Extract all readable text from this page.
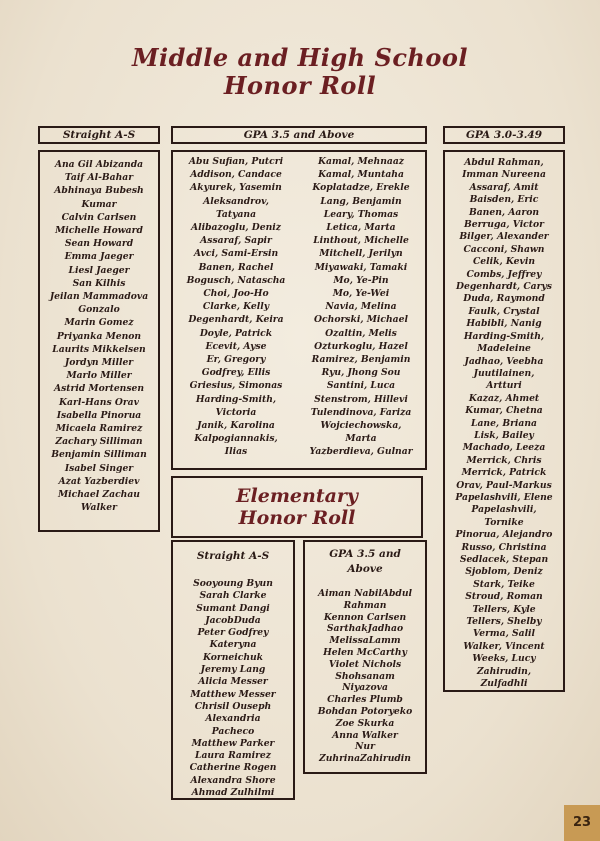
Middle and High School
Honor Roll
Straight A-S
Ana Gil Abizanda
Taif Al-Bahar
Abhinaya Bubesh
Kumar
Calvin Carlsen
Michelle Howard
Sean Howard
Emma Jaeger
Liesl Jaeger
San Kilhis
Jeilan Mammadova
Gonzalo
Marin Gomez
Priyanka Menon
Laurits Mikkelsen
Jordyn Miller
Marlo Miller
Astrid Mortensen
Karl-Hans Orav
Isabella Pinorua
Micaela Ramirez
Zachary Silliman
Benjamin Silliman
Isabel Singer
Azat Yazberdiev
Michael Zachau
Walker
GPA 3.5 and Above
Abu Sufian, Putcri
Addison, Candace
Akyurek, Yasemin
Aleksandrov,
Tatyana
Alibazoglu, Deniz
Assaraf, Sapir
Avci, Sami-Ersin
Banen, Rachel
Bogusch, Natascha
Choi, Joo-Ho
Clarke, Kelly
Degenhardt, Keira
Doyle, Patrick
Ecevit, Ayse
Er, Gregory
Godfrey, Ellis
Griesius, Simonas
Harding-Smith,
Victoria
Janik, Karolina
Kalpogiannakis,
Ilias
Kamal, Mehnaaz
Kamal, Muntaha
Koplatadze, Erekle
Lang, Benjamin
Leary, Thomas
Letica, Marta
Linthout, Michelle
Mitchell, Jerilyn
Miyawaki, Tamaki
Mo, Ye-Pin
Mo, Ye-Wei
Navia, Melina
Ochorski, Michael
Ozaltin, Melis
Ozturkoglu, Hazel
Ramirez, Benjamin
Ryu, Jhong Sou
Santini, Luca
Stenstrom, Hillevi
Tulendinova, Fariza
Wojciechowska,
Marta
Yazberdieva, Gulnar
GPA 3.0-3.49
Abdul Rahman,
Imman Nureena
Assaraf, Amit
Baisden, Eric
Banen, Aaron
Berruga, Victor
Bilger, Alexander
Cacconi, Shawn
Celik, Kevin
Combs, Jeffrey
Degenhardt, Carys
Duda, Raymond
Faulk, Crystal
Habibli, Nanig
Harding-Smith,
Madeleine
Jadhao, Veebha
Juutilainen,
Artturi
Kazaz, Ahmet
Kumar, Chetna
Lane, Briana
Lisk, Bailey
Machado, Leeza
Merrick, Chris
Merrick, Patrick
Orav, Paul-Markus
Papelashvili, Elene
Papelashvili,
Tornike
Pinorua, Alejandro
Russo, Christina
Sedlacek, Stepan
Sjoblom, Deniz
Stark, Teike
Stroud, Roman
Tellers, Kyle
Tellers, Shelby
Verma, Salil
Walker, Vincent
Weeks, Lucy
Zahirudin,
Zulfadhli
Elementary
Honor Roll
Straight A-S
Sooyoung Byun
Sarah Clarke
Sumant Dangi
JacobDuda
Peter Godfrey
Kateryna
Korneichuk
Jeremy Lang
Alicia Messer
Matthew Messer
Chrisil Ouseph
Alexandria
Pacheco
Matthew Parker
Laura Ramirez
Catherine Rogen
Alexandra Shore
Ahmad Zulhilmi
GPA 3.5 and
Above
Aiman NabilAbdul
Rahman
Kennon Carlsen
SarthakJadhao
MelissaLamm
Helen McCarthy
Violet Nichols
Shohsanam
Niyazova
Charles Plumb
Bohdan Potoryeko
Zoe Skurka
Anna Walker
Nur
ZuhrinaZahirudin
23
